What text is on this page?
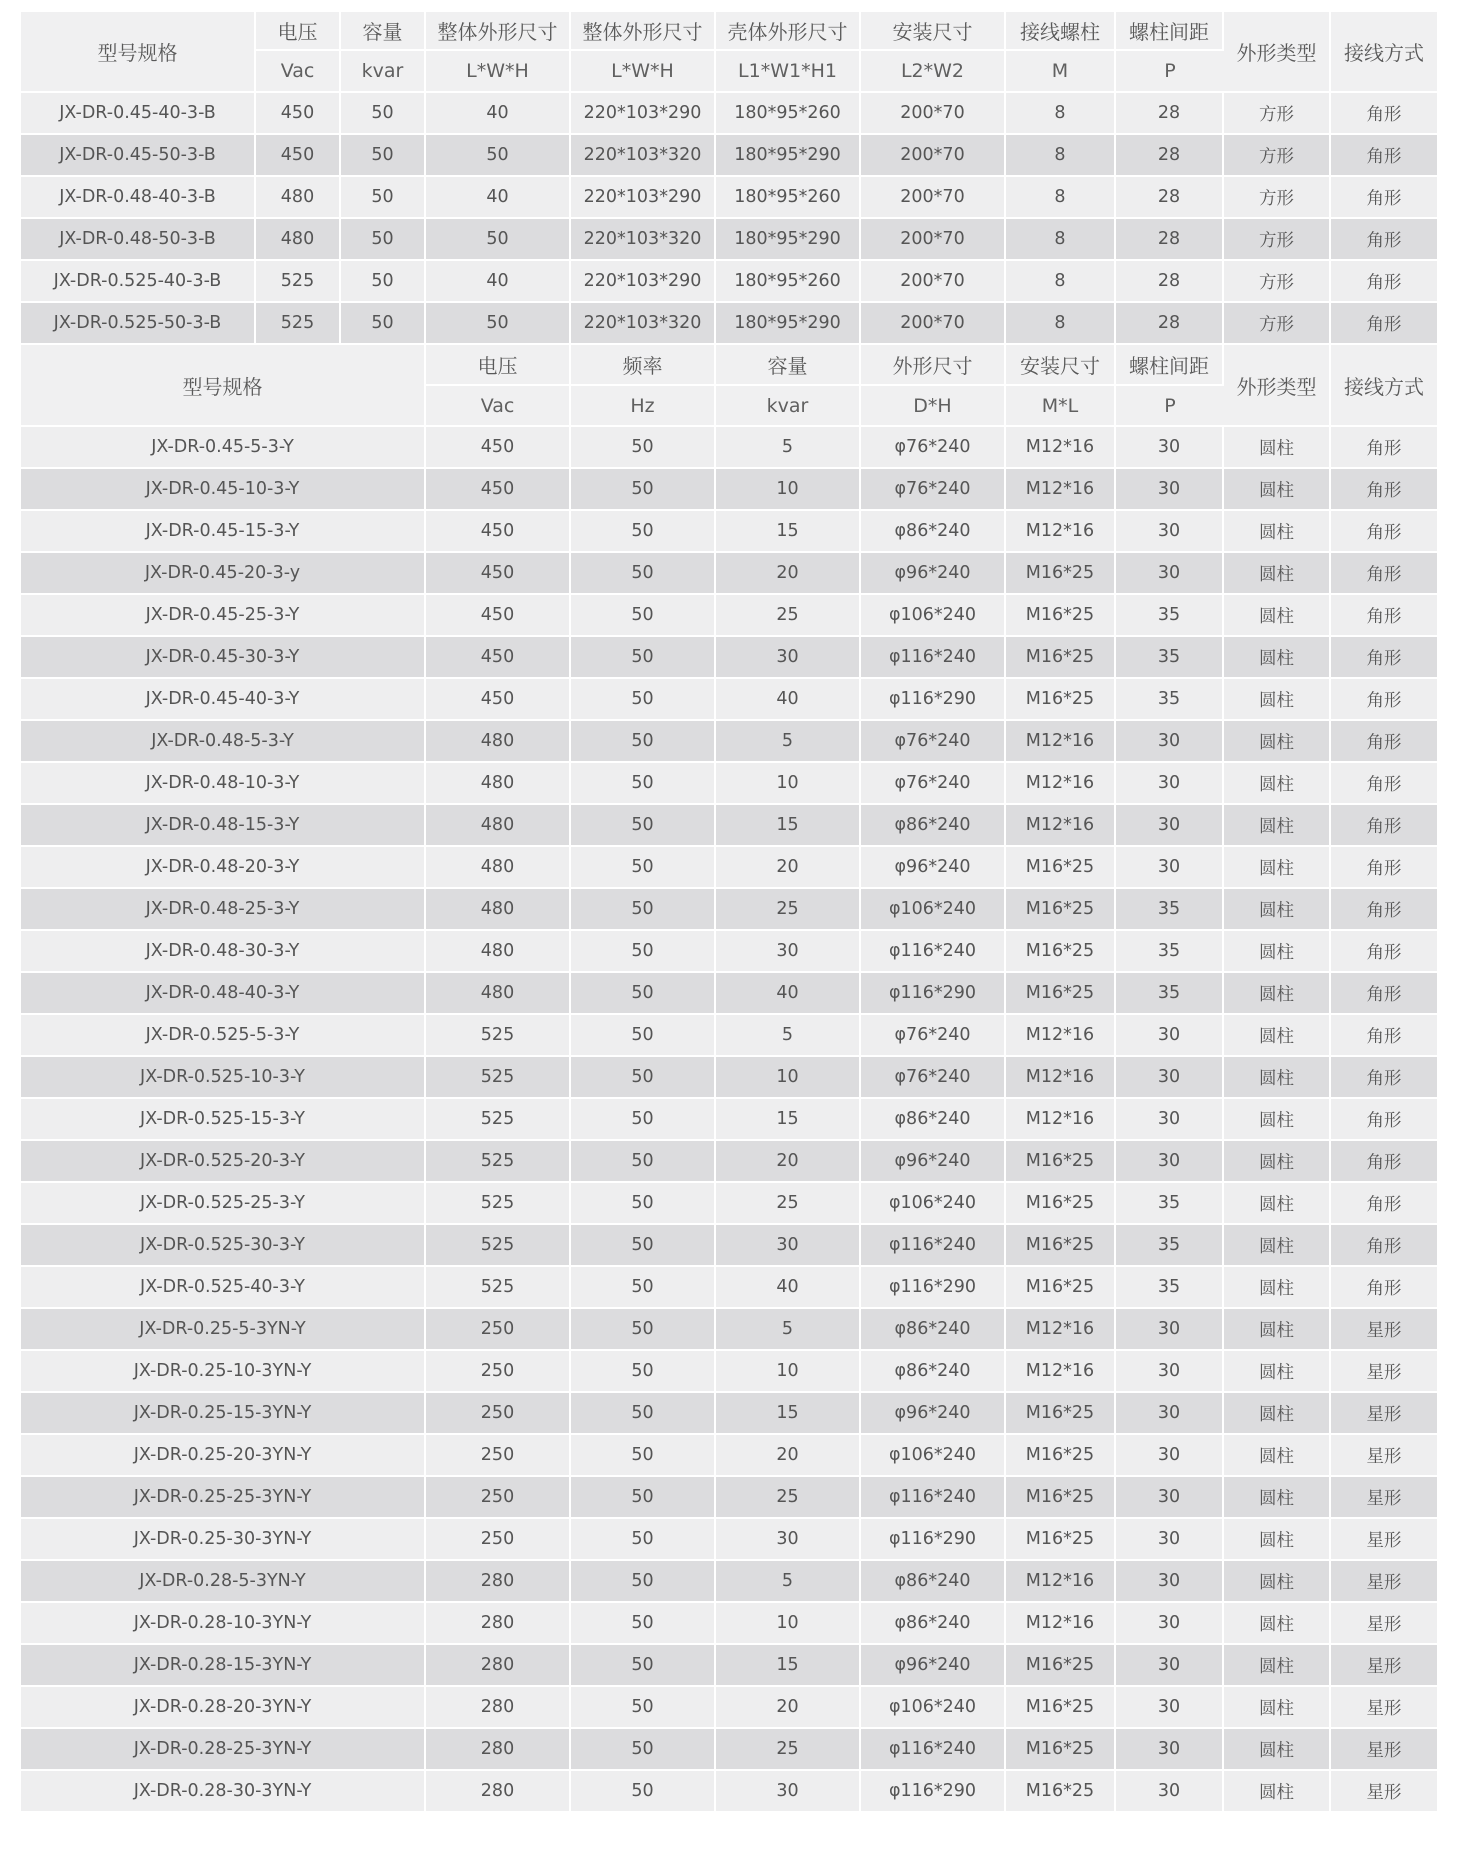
型号规格	电压	容量	整体外形尺寸	整体外形尺寸	壳体外形尺寸	安装尺寸	接线螺柱	螺柱间距	外形类型	接线方式
	Vac	kvar	L*W*H	L*W*H	L1*W1*H1	L2*W2	M	P		
JX-DR-0.45-40-3-B	450	50	40	220*103*290	180*95*260	200*70	8	28	方形	角形
JX-DR-0.45-50-3-B	450	50	50	220*103*320	180*95*290	200*70	8	28	方形	角形
JX-DR-0.48-40-3-B	480	50	40	220*103*290	180*95*260	200*70	8	28	方形	角形
JX-DR-0.48-50-3-B	480	50	50	220*103*320	180*95*290	200*70	8	28	方形	角形
JX-DR-0.525-40-3-B	525	50	40	220*103*290	180*95*260	200*70	8	28	方形	角形
JX-DR-0.525-50-3-B	525	50	50	220*103*320	180*95*290	200*70	8	28	方形	角形
型号规格	电压	频率	容量	外形尺寸	安装尺寸	螺柱间距	外形类型	接线方式
	Vac	Hz	kvar	D*H	M*L	P		
JX-DR-0.45-5-3-Y	450	50	5	φ76*240	M12*16	30	圆柱	角形
JX-DR-0.45-10-3-Y	450	50	10	φ76*240	M12*16	30	圆柱	角形
JX-DR-0.45-15-3-Y	450	50	15	φ86*240	M12*16	30	圆柱	角形
JX-DR-0.45-20-3-y	450	50	20	φ96*240	M16*25	30	圆柱	角形
JX-DR-0.45-25-3-Y	450	50	25	φ106*240	M16*25	35	圆柱	角形
JX-DR-0.45-30-3-Y	450	50	30	φ116*240	M16*25	35	圆柱	角形
JX-DR-0.45-40-3-Y	450	50	40	φ116*290	M16*25	35	圆柱	角形
JX-DR-0.48-5-3-Y	480	50	5	φ76*240	M12*16	30	圆柱	角形
JX-DR-0.48-10-3-Y	480	50	10	φ76*240	M12*16	30	圆柱	角形
JX-DR-0.48-15-3-Y	480	50	15	φ86*240	M12*16	30	圆柱	角形
JX-DR-0.48-20-3-Y	480	50	20	φ96*240	M16*25	30	圆柱	角形
JX-DR-0.48-25-3-Y	480	50	25	φ106*240	M16*25	35	圆柱	角形
JX-DR-0.48-30-3-Y	480	50	30	φ116*240	M16*25	35	圆柱	角形
JX-DR-0.48-40-3-Y	480	50	40	φ116*290	M16*25	35	圆柱	角形
JX-DR-0.525-5-3-Y	525	50	5	φ76*240	M12*16	30	圆柱	角形
JX-DR-0.525-10-3-Y	525	50	10	φ76*240	M12*16	30	圆柱	角形
JX-DR-0.525-15-3-Y	525	50	15	φ86*240	M12*16	30	圆柱	角形
JX-DR-0.525-20-3-Y	525	50	20	φ96*240	M16*25	30	圆柱	角形
JX-DR-0.525-25-3-Y	525	50	25	φ106*240	M16*25	35	圆柱	角形
JX-DR-0.525-30-3-Y	525	50	30	φ116*240	M16*25	35	圆柱	角形
JX-DR-0.525-40-3-Y	525	50	40	φ116*290	M16*25	35	圆柱	角形
JX-DR-0.25-5-3YN-Y	250	50	5	φ86*240	M12*16	30	圆柱	星形
JX-DR-0.25-10-3YN-Y	250	50	10	φ86*240	M12*16	30	圆柱	星形
JX-DR-0.25-15-3YN-Y	250	50	15	φ96*240	M16*25	30	圆柱	星形
JX-DR-0.25-20-3YN-Y	250	50	20	φ106*240	M16*25	30	圆柱	星形
JX-DR-0.25-25-3YN-Y	250	50	25	φ116*240	M16*25	30	圆柱	星形
JX-DR-0.25-30-3YN-Y	250	50	30	φ116*290	M16*25	30	圆柱	星形
JX-DR-0.28-5-3YN-Y	280	50	5	φ86*240	M12*16	30	圆柱	星形
JX-DR-0.28-10-3YN-Y	280	50	10	φ86*240	M12*16	30	圆柱	星形
JX-DR-0.28-15-3YN-Y	280	50	15	φ96*240	M16*25	30	圆柱	星形
JX-DR-0.28-20-3YN-Y	280	50	20	φ106*240	M16*25	30	圆柱	星形
JX-DR-0.28-25-3YN-Y	280	50	25	φ116*240	M16*25	30	圆柱	星形
JX-DR-0.28-30-3YN-Y	280	50	30	φ116*290	M16*25	30	圆柱	星形
